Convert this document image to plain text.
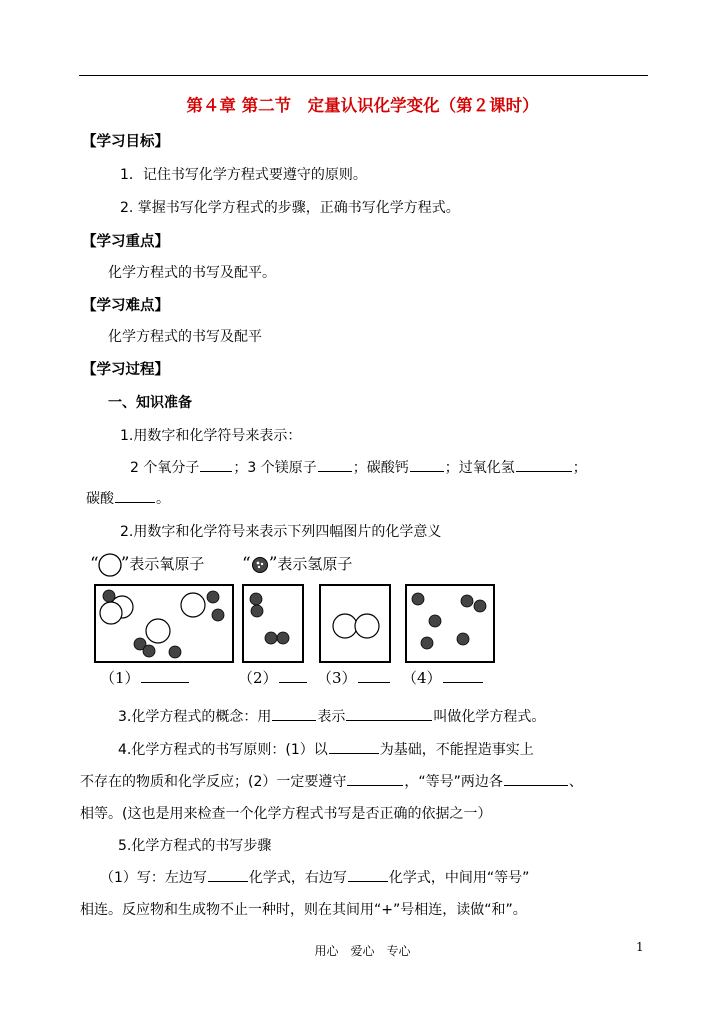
第４章 第二节　定量认识化学变化（第２课时）
【学习目标】
1．记住书写化学方程式要遵守的原则。
2. 掌握书写化学方程式的步骤，正确书写化学方程式。
【学习重点】
化学方程式的书写及配平。
【学习难点】
化学方程式的书写及配平
【学习过程】
一、知识准备
1.用数字和化学符号来表示：
2 个氧分子 ；3 个镁原子	；碳酸钙	；过氧化氢	；
碳酸	。
2.用数字和化学符号来表示下列四幅图片的化学意义
“ ”表示氧原子 “ ”表示氢原子
（1）	（2）	（3）	（4）
3.化学方程式的概念：用	表示	叫做化学方程式。
4.化学方程式的书写原则：(1）以	为基础，不能捏造事实上
不存在的物质和化学反应；(2）一定要遵守	，“等号”两边各	、
相等。(这也是用来检查一个化学方程式书写是否正确的依据之一）
5.化学方程式的书写步骤
（1）写：左边写	化学式，右边写	化学式，中间用“等号”
相连。反应物和生成物不止一种时，则在其间用“+”号相连，读做“和”。
用心　爱心　专心	1
